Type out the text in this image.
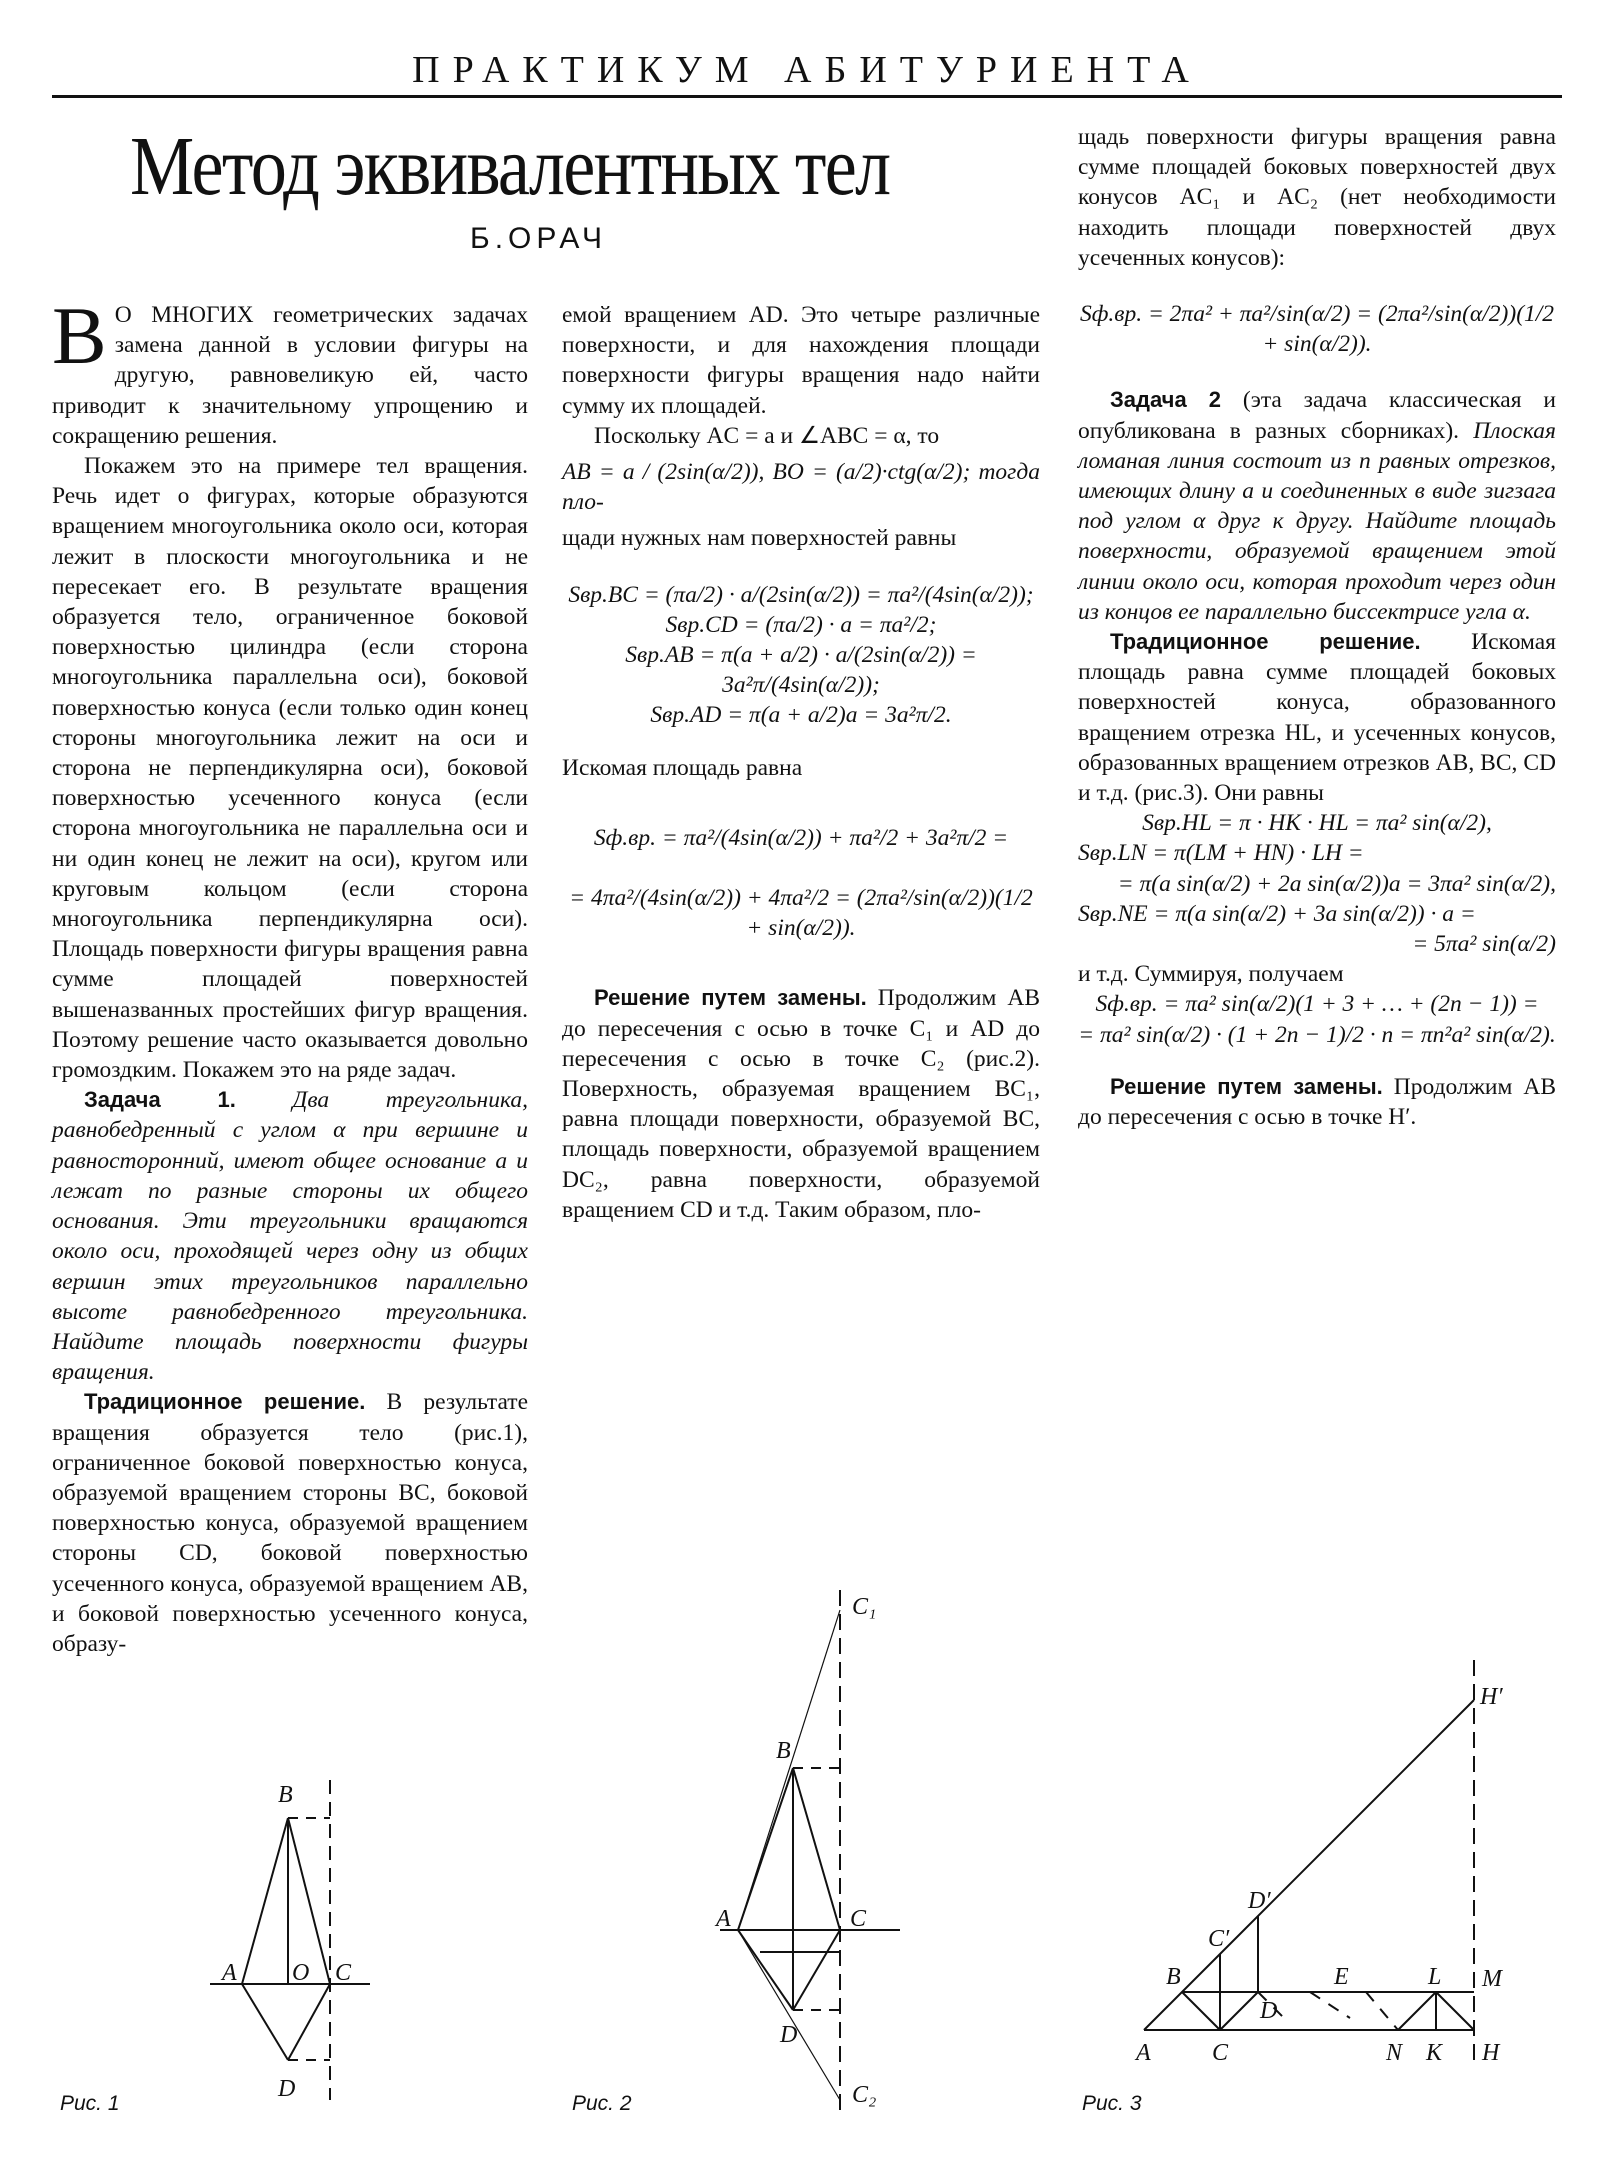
ПРАКТИКУМ АБИТУРИЕНТА
Метод эквивалентных тел
Б.ОРАЧ

В О МНОГИХ геометрических задачах замена данной в условии фигуры на другую, равновеликую ей, часто приводит к значительному упрощению и сокращению решения.

Покажем это на примере тел вращения. Речь идет о фигурах, которые образуются вращением многоугольника около оси, которая лежит в плоскости многоугольника и не пересекает его. В результате вращения образуется тело, ограниченное боковой поверхностью цилиндра (если сторона многоугольника параллельна оси), боковой поверхностью конуса (если только один конец стороны многоугольника лежит на оси и сторона не перпендикулярна оси), боковой поверхностью усеченного конуса (если сторона многоугольника не параллельна оси и ни один конец не лежит на оси), кругом или круговым кольцом (если сторона многоугольника перпендикулярна оси). Площадь поверхности фигуры вращения равна сумме площадей поверхностей вышеназванных простейших фигур вращения. Поэтому решение часто оказывается довольно громоздким. Покажем это на ряде задач.

Задача 1. Два треугольника, равнобедренный с углом α при вершине и равносторонний, имеют общее основание a и лежат по разные стороны их общего основания. Эти треугольники вращаются около оси, проходящей через одну из общих вершин этих треугольников параллельно высоте равнобедренного треугольника. Найдите площадь поверхности фигуры вращения.

Традиционное решение. В результате вращения образуется тело (рис.1), ограниченное боковой поверхностью конуса, образуемой вращением стороны BC, боковой поверхностью конуса, образуемой вращением стороны CD, боковой поверхностью усеченного конуса, образуемой вращением AB, и боковой поверхностью усеченного конуса, образу-

емой вращением AD. Это четыре различные поверхности, и для нахождения площади поверхности фигуры вращения надо найти сумму их площадей.

Поскольку AC = a и ∠ABC = α, то

AB = a / (2sin(α/2)), BO = (a/2)·ctg(α/2); тогда пло-

щади нужных нам поверхностей равны

Sвр.BC = (πa/2) · a/(2sin(α/2)) = πa²/(4sin(α/2));

Sвр.CD = (πa/2) · a = πa²/2;

Sвр.AB = π(a + a/2) · a/(2sin(α/2)) = 3a²π/(4sin(α/2));

Sвр.AD = π(a + a/2)a = 3a²π/2.

Искомая площадь равна

Sф.вр. = πa²/(4sin(α/2)) + πa²/2 + 3a²π/2 =

= 4πa²/(4sin(α/2)) + 4πa²/2 = (2πa²/sin(α/2))(1/2 + sin(α/2)).

Решение путем замены. Продолжим AB до пересечения с осью в точке C₁ и AD до пересечения с осью в точке C₂ (рис.2). Поверхность, образуемая вращением BC₁, равна площади поверхности, образуемой BC, площадь поверхности, образуемой вращением DC₂, равна поверхности, образуемой вращением CD и т.д. Таким образом, пло-

щадь поверхности фигуры вращения равна сумме площадей боковых поверхностей двух конусов AC₁ и AC₂ (нет необходимости находить площади поверхностей двух усеченных конусов):

Sф.вр. = 2πa² + πa²/sin(α/2) = (2πa²/sin(α/2))(1/2 + sin(α/2)).

Задача 2 (эта задача классическая и опубликована в разных сборниках). Плоская ломаная линия состоит из n равных отрезков, имеющих длину a и соединенных в виде зигзага под углом α друг к другу. Найдите площадь поверхности, образуемой вращением этой линии около оси, которая проходит через один из концов ее параллельно биссектрисе угла α.

Традиционное решение. Искомая площадь равна сумме площадей боковых поверхностей конуса, образованного вращением отрезка HL, и усеченных конусов, образованных вращением отрезков AB, BC, CD и т.д. (рис.3). Они равны

Sвр.HL = π · HK · HL = πa² sin(α/2),

Sвр.LN = π(LM + HN) · LH =

= π(a sin(α/2) + 2a sin(α/2))a = 3πa² sin(α/2),

Sвр.NE = π(a sin(α/2) + 3a sin(α/2)) · a =

= 5πa² sin(α/2)

и т.д. Суммируя, получаем

Sф.вр. = πa² sin(α/2)(1 + 3 + … + (2n − 1)) =

= πa² sin(α/2) · (1 + 2n − 1)/2 · n = πn²a² sin(α/2).

Решение путем замены. Продолжим AB до пересечения с осью в точке H′.

B
A O C
D
Рис. 1
C₁
B
A	C
D
C₂
Рис. 2
H′
D′
C′
B	E	L M
D
A	C	N K H
Рис. 3
